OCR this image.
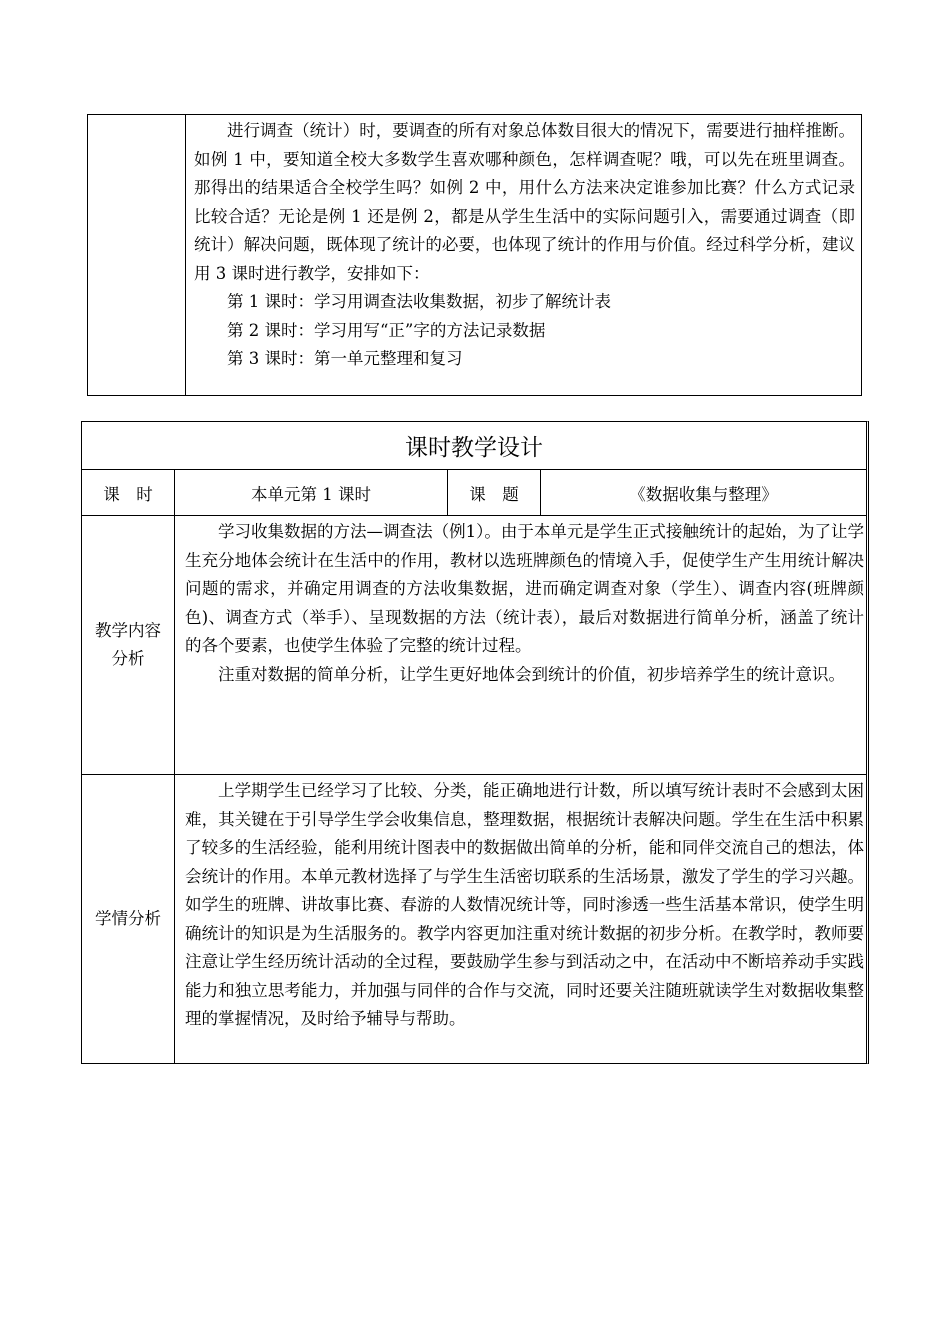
进行调查（统计）时，要调查的所有对象总体数目很大的情况下，需要进行抽样推断。如例 1 中，要知道全校大多数学生喜欢哪种颜色，怎样调查呢？哦，可以先在班里调查。那得出的结果适合全校学生吗？如例 2 中，用什么方法来决定谁参加比赛？什么方式记录比较合适？无论是例 1 还是例 2，都是从学生生活中的实际问题引入，需要通过调查（即统计）解决问题，既体现了统计的必要，也体现了统计的作用与价值。经过科学分析，建议用 3 课时进行教学，安排如下：

第 1 课时：学习用调查法收集数据，初步了解统计表

第 2 课时：学习用写“正”字的方法记录数据

第 3 课时：第一单元整理和复习

课时教学设计
课　时	本单元第 1 课时	课　题	《数据收集与整理》
教学内容分析

学习收集数据的方法—调查法（例1）。由于本单元是学生正式接触统计的起始，为了让学生充分地体会统计在生活中的作用，教材以选班牌颜色的情境入手，促使学生产生用统计解决问题的需求，并确定用调查的方法收集数据，进而确定调查对象（学生）、调查内容(班牌颜色)、调查方式（举手）、呈现数据的方法（统计表），最后对数据进行简单分析，涵盖了统计的各个要素，也使学生体验了完整的统计过程。

注重对数据的简单分析，让学生更好地体会到统计的价值，初步培养学生的统计意识。

学情分析

上学期学生已经学习了比较、分类，能正确地进行计数，所以填写统计表时不会感到太困难，其关键在于引导学生学会收集信息，整理数据，根据统计表解决问题。学生在生活中积累了较多的生活经验，能利用统计图表中的数据做出简单的分析，能和同伴交流自己的想法，体会统计的作用。本单元教材选择了与学生生活密切联系的生活场景，激发了学生的学习兴趣。如学生的班牌、讲故事比赛、春游的人数情况统计等，同时渗透一些生活基本常识，使学生明确统计的知识是为生活服务的。教学内容更加注重对统计数据的初步分析。在教学时，教师要注意让学生经历统计活动的全过程，要鼓励学生参与到活动之中，在活动中不断培养动手实践能力和独立思考能力，并加强与同伴的合作与交流，同时还要关注随班就读学生对数据收集整理的掌握情况，及时给予辅导与帮助。
